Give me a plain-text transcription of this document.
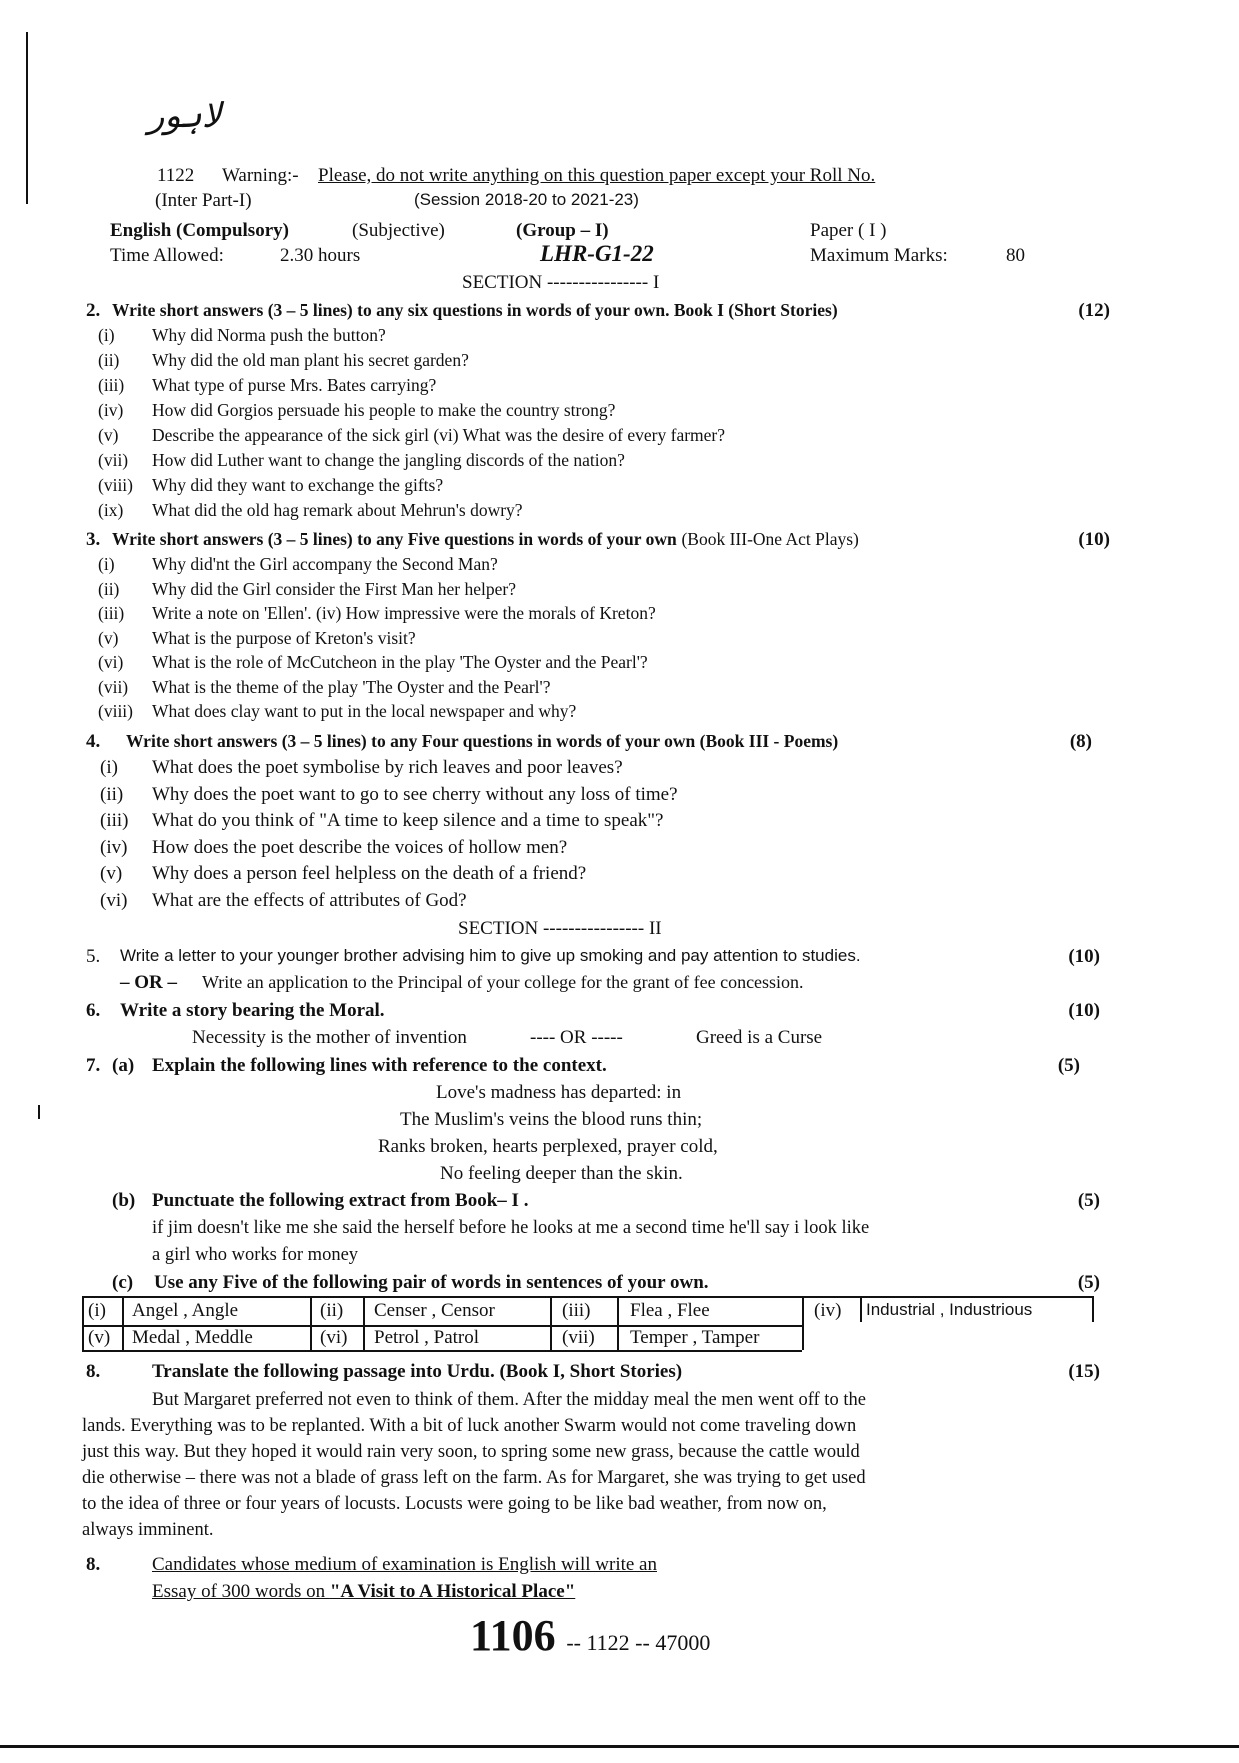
لاہور
1122 Warning:- Please, do not write anything on this question paper except your Roll No.
(Inter Part-I)	(Session 2018-20 to 2021-23)
English (Compulsory)	(Subjective)	(Group – I)	Paper ( I )
Time Allowed:	2.30 hours	LHR-G1-22	Maximum Marks:	80
SECTION ---------------- I
2. Write short answers (3 – 5 lines) to any six questions in words of your own. Book I (Short Stories)	(12)
(i) Why did Norma push the button?
(ii) Why did the old man plant his secret garden?
(iii) What type of purse Mrs. Bates carrying?
(iv) How did Gorgios persuade his people to make the country strong?
(v) Describe the appearance of the sick girl (vi) What was the desire of every farmer?
(vii) How did Luther want to change the jangling discords of the nation?
(viii) Why did they want to exchange the gifts?
(ix) What did the old hag remark about Mehrun's dowry?
3. Write short answers (3 – 5 lines) to any Five questions in words of your own (Book III-One Act Plays)	(10)
(i) Why did'nt the Girl accompany the Second Man?
(ii) Why did the Girl consider the First Man her helper?
(iii) Write a note on 'Ellen'. (iv) How impressive were the morals of Kreton?
(v) What is the purpose of Kreton's visit?
(vi) What is the role of McCutcheon in the play 'The Oyster and the Pearl'?
(vii) What is the theme of the play 'The Oyster and the Pearl'?
(viii) What does clay want to put in the local newspaper and why?
4. Write short answers (3 – 5 lines) to any Four questions in words of your own (Book III - Poems)	(8)
(i) What does the poet symbolise by rich leaves and poor leaves?
(ii) Why does the poet want to go to see cherry without any loss of time?
(iii) What do you think of "A time to keep silence and a time to speak"?
(iv) How does the poet describe the voices of hollow men?
(v) Why does a person feel helpless on the death of a friend?
(vi) What are the effects of attributes of God?
SECTION ---------------- II
5. Write a letter to your younger brother advising him to give up smoking and pay attention to studies.	(10)
– OR – Write an application to the Principal of your college for the grant of fee concession.
6. Write a story bearing the Moral.	(10)
Necessity is the mother of invention	---- OR -----	Greed is a Curse
7. (a) Explain the following lines with reference to the context.	(5)
Love's madness has departed: in
The Muslim's veins the blood runs thin;
Ranks broken, hearts perplexed, prayer cold,
No feeling deeper than the skin.
(b) Punctuate the following extract from Book– I .	(5)
if jim doesn't like me she said the herself before he looks at me a second time he'll say i look like
a girl who works for money
(c) Use any Five of the following pair of words in sentences of your own.	(5)
(i) Angel , Angle	(ii) Censer , Censor	(iii) Flea , Flee	(iv) Industrial , Industrious
(v) Medal , Meddle	(vi) Petrol , Patrol	(vii) Temper , Tamper
8.	Translate the following passage into Urdu. (Book I, Short Stories)	(15)
But Margaret preferred not even to think of them. After the midday meal the men went off to the
lands. Everything was to be replanted. With a bit of luck another Swarm would not come traveling down
just this way. But they hoped it would rain very soon, to spring some new grass, because the cattle would
die otherwise – there was not a blade of grass left on the farm. As for Margaret, she was trying to get used
to the idea of three or four years of locusts. Locusts were going to be like bad weather, from now on,
always imminent.
8.	Candidates whose medium of examination is English will write an
Essay of 300 words on "A Visit to A Historical Place"
1106 -- 1122 -- 47000
